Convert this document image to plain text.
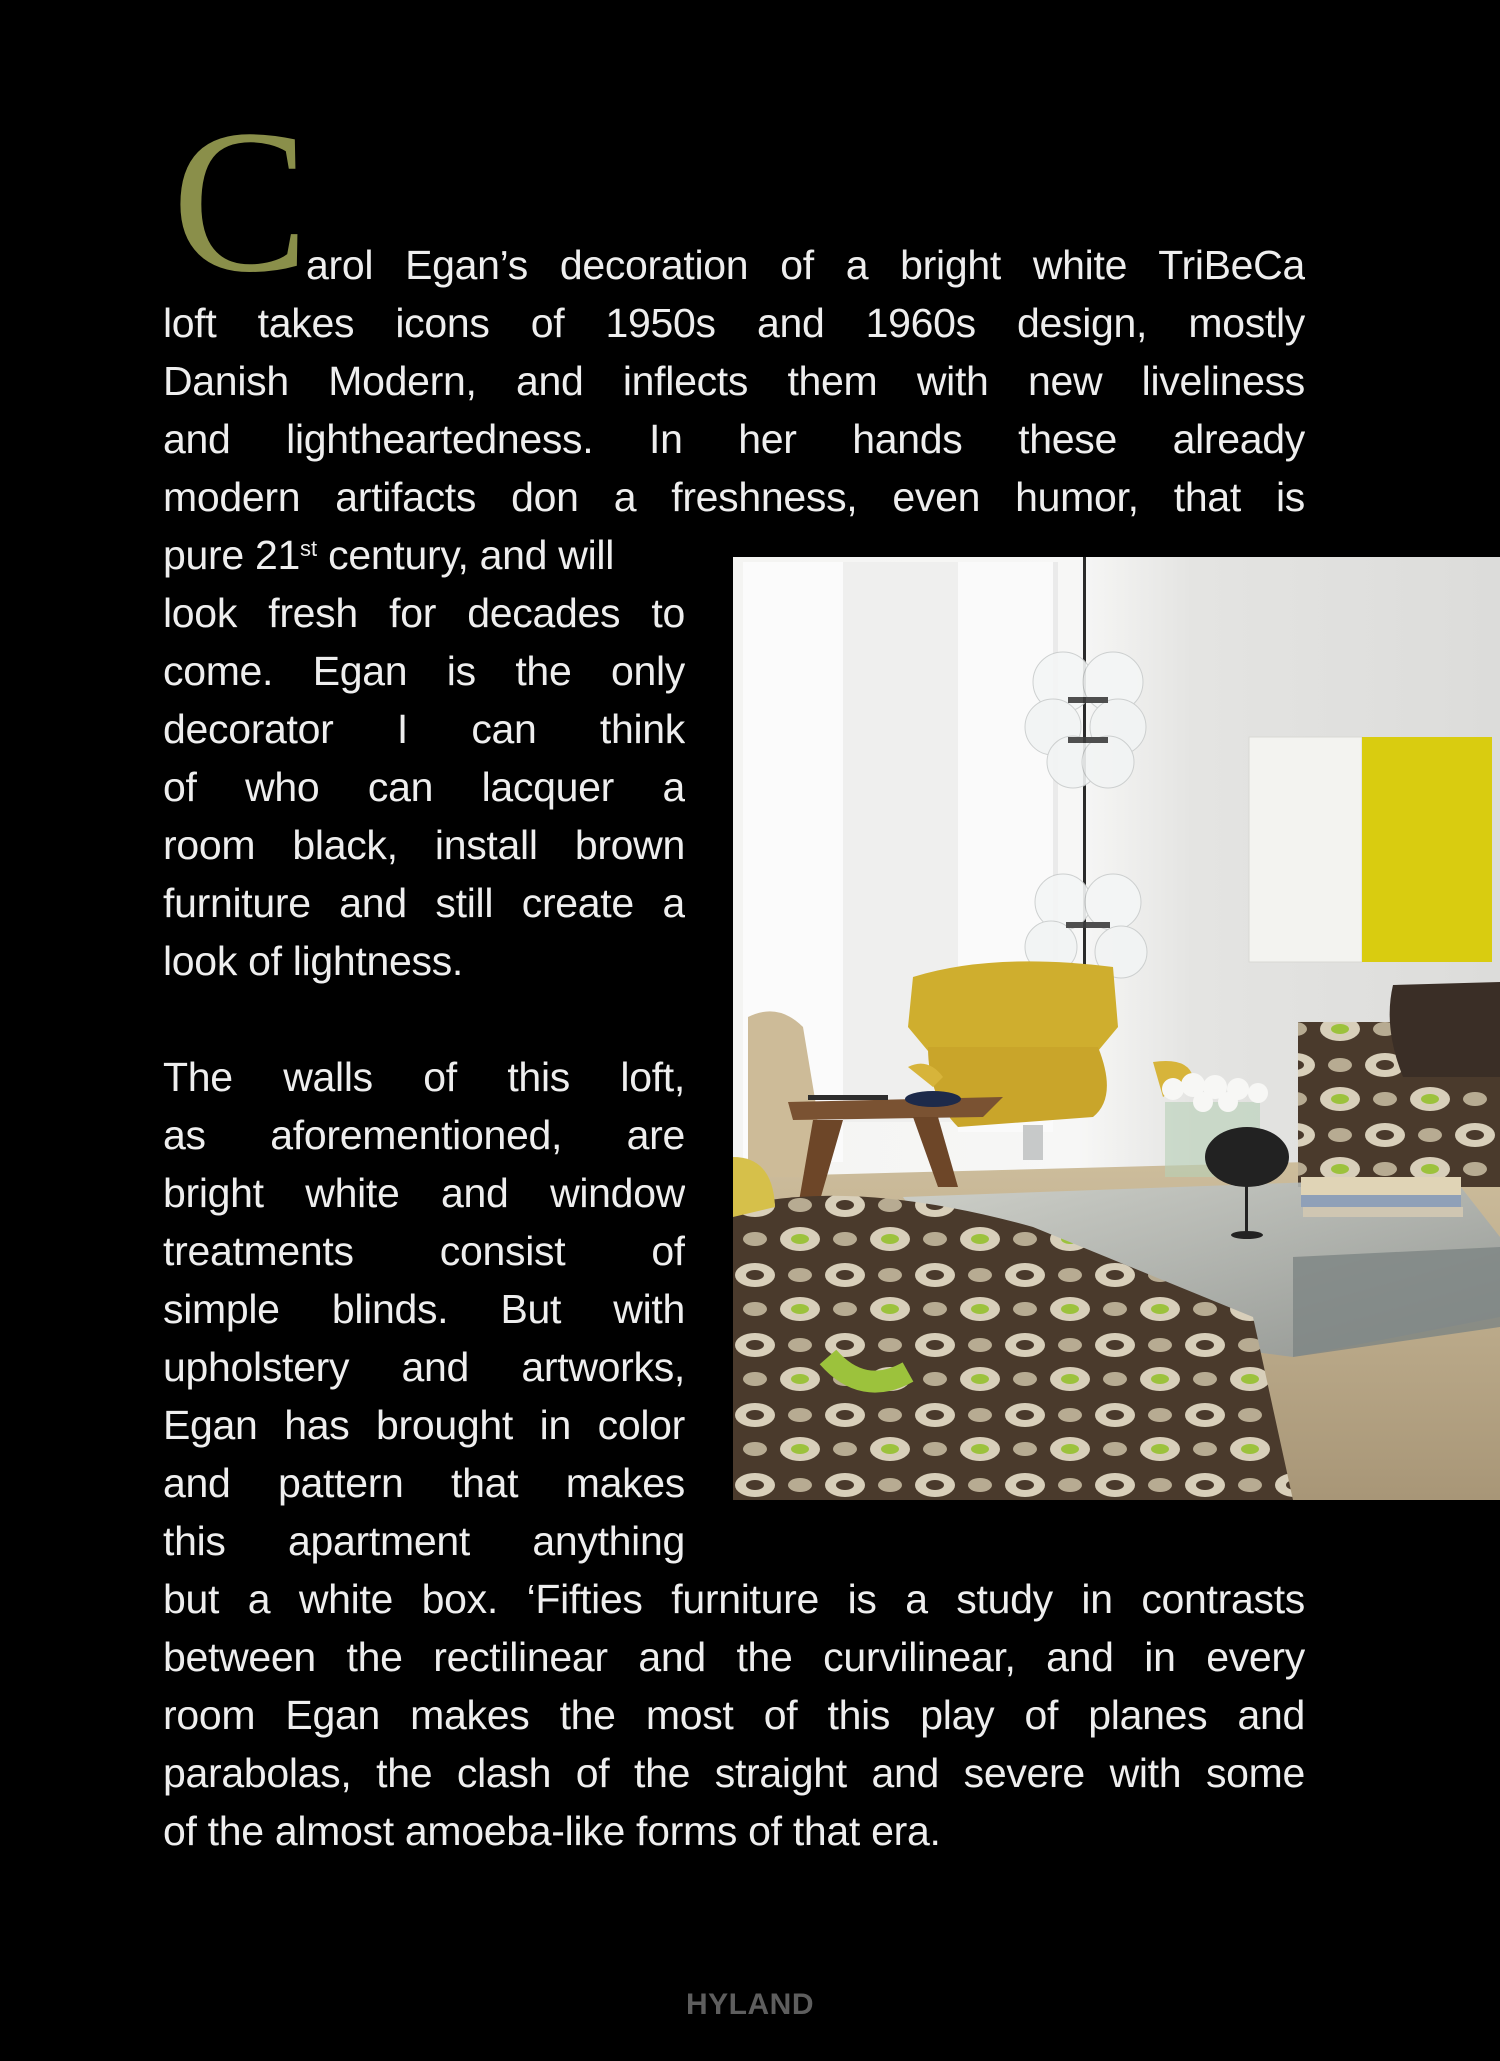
C
arol Egan’s decoration of a bright white TriBeCa
loft takes icons of 1950s and 1960s design, mostly
Danish Modern, and inflects them with new liveliness
and lightheartedness. In her hands these already
modern artifacts don a freshness, even humor, that is
pure 21st century, and will
look fresh for decades to
come. Egan is the only
decorator I can think
of who can lacquer a
room black, install brown
furniture and still create a
look of lightness.
The walls of this loft,
as aforementioned, are
bright white and window
treatments consist of
simple blinds. But with
upholstery and artworks,
Egan has brought in color
and pattern that makes
this apartment anything
but a white box. ‘Fifties furniture is a study in contrasts
between the rectilinear and the curvilinear, and in every
room Egan makes the most of this play of planes and
parabolas, the clash of the straight and severe with some
of the almost amoeba-like forms of that era.
HYLAND
